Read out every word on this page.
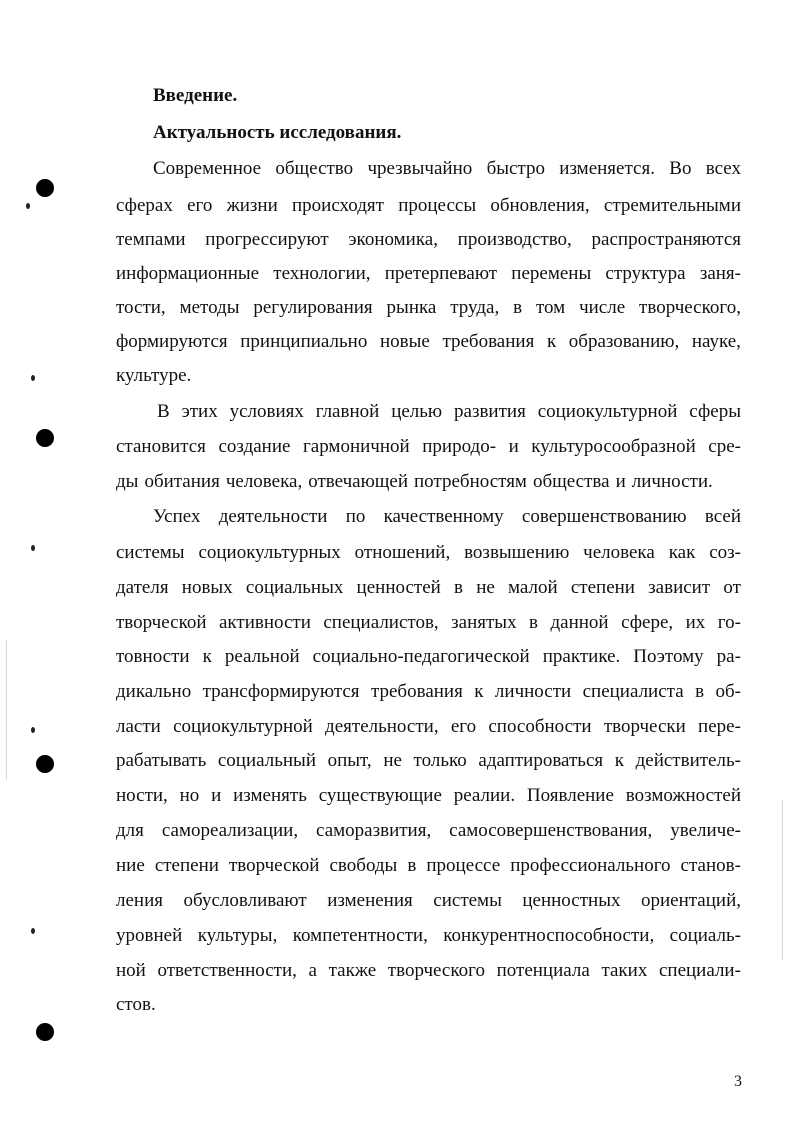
Введение.
Актуальность исследования.
Современное общество чрезвычайно быстро изменяется. Во всех
сферах его жизни происходят процессы обновления, стремительными
темпами прогрессируют экономика, производство, распространяются
информационные технологии, претерпевают перемены структура заня-
тости, методы регулирования рынка труда, в том числе творческого,
формируются принципиально новые требования к образованию, науке,
культуре.
В этих условиях главной целью развития социокультурной сферы
становится создание гармоничной природо- и культуросообразной сре-
ды обитания человека, отвечающей потребностям общества и личности.
Успех деятельности по качественному совершенствованию всей
системы социокультурных отношений, возвышению человека как соз-
дателя новых социальных ценностей в не малой степени зависит от
творческой активности специалистов, занятых в данной сфере, их го-
товности к реальной социально-педагогической практике. Поэтому ра-
дикально трансформируются требования к личности специалиста в об-
ласти социокультурной деятельности, его способности творчески пере-
рабатывать социальный опыт, не только адаптироваться к действитель-
ности, но и изменять существующие реалии. Появление возможностей
для самореализации, саморазвития, самосовершенствования, увеличе-
ние степени творческой свободы в процессе профессионального станов-
ления обусловливают изменения системы ценностных ориентаций,
уровней культуры, компетентности, конкурентноспособности, социаль-
ной ответственности, а также творческого потенциала таких специали-
стов.
3
